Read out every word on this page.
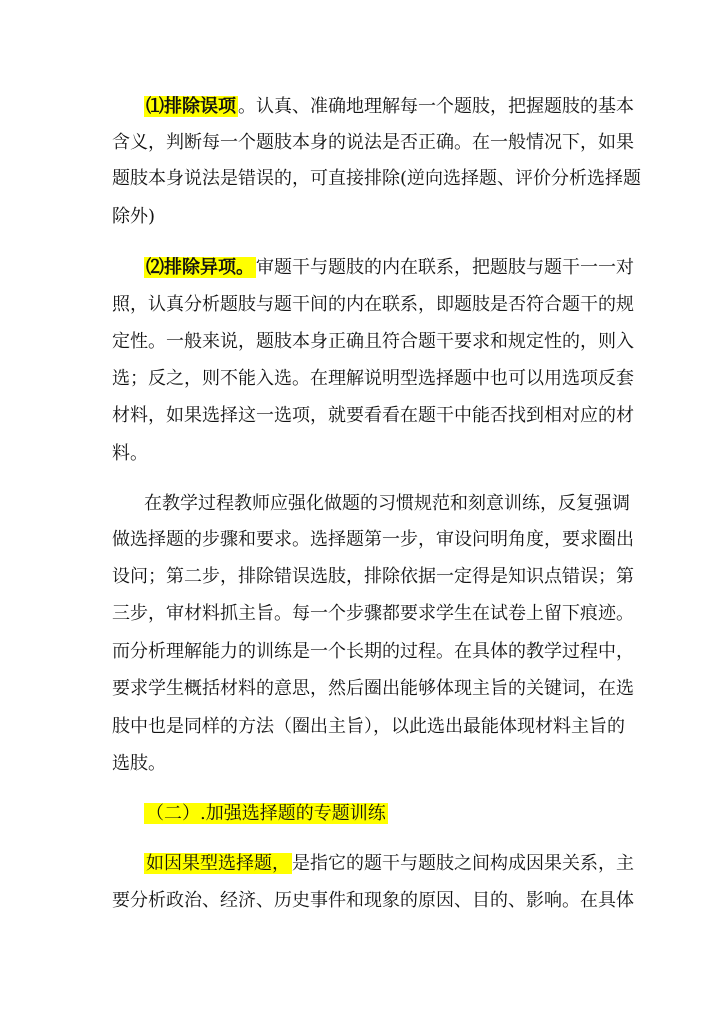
⑴排除误项 。认真、准确地理解每一个题肢，把握题肢的基本
含义，判断每一个题肢本身的说法是否正确。在一般情况下，如果
题肢本身说法是错误的，可直接排除(逆向选择题、评价分析选择题
除外)
⑵排除异项。 审题干与题肢的内在联系，把题肢与题干一一对
照，认真分析题肢与题干间的内在联系，即题肢是否符合题干的规
定性。一般来说，题肢本身正确且符合题干要求和规定性的，则入
选；反之，则不能入选。在理解说明型选择题中也可以用选项反套
材料，如果选择这一选项，就要看看在题干中能否找到相对应的材
料。
在教学过程教师应强化做题的习惯规范和刻意训练，反复强调
做选择题的步骤和要求。选择题第一步，审设问明角度，要求圈出
设问；第二步，排除错误选肢，排除依据一定得是知识点错误；第
三步，审材料抓主旨。每一个步骤都要求学生在试卷上留下痕迹。
而分析理解能力的训练是一个长期的过程。在具体的教学过程中，
要求学生概括材料的意思，然后圈出能够体现主旨的关键词，在选
肢中也是同样的方法（圈出主旨），以此选出最能体现材料主旨的
选肢。
（二）.加强选择题的专题训练
如因果型选择题， 是指它的题干与题肢之间构成因果关系，主
要分析政治、经济、历史事件和现象的原因、目的、影响。在具体
